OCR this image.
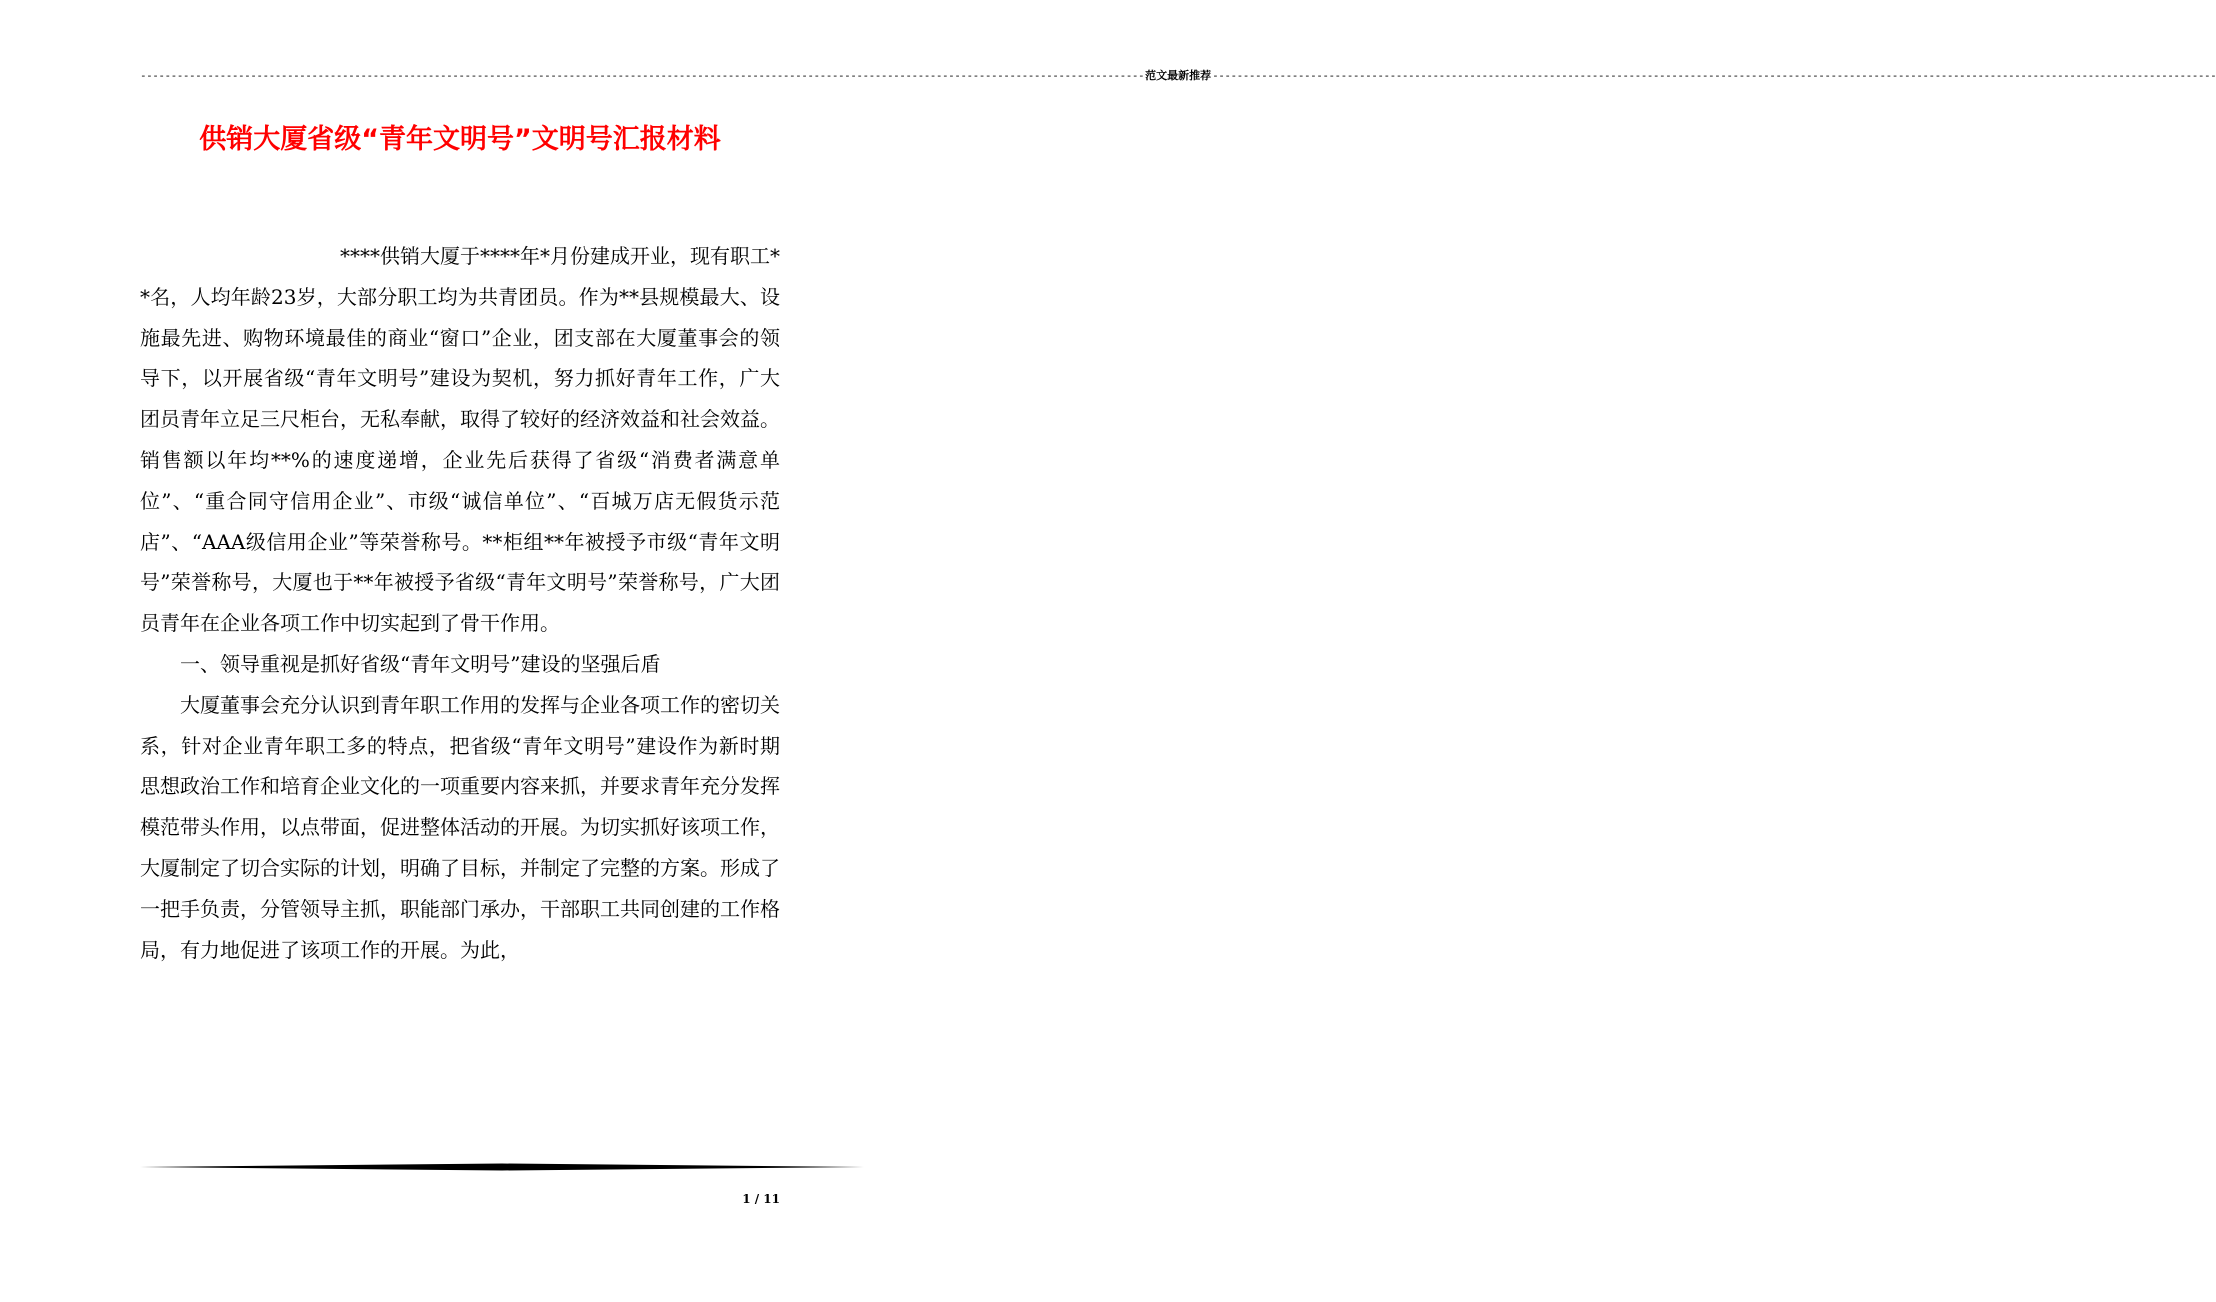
-------------------------------------------------------------------------------------------------------------------------------------------------------------------- 范文最新推荐 --------------------------------------------------------------------------------------------------------------------------------------------------------------------
供销大厦省级“青年文明号”文明号汇报材料

****供销大厦于****年*月份建成开业，现有职工**名，人均年龄23岁，大部分职工均为共青团员。作为**县规模最大、设施最先进、购物环境最佳的商业“窗口”企业，团支部在大厦董事会的领导下，以开展省级“青年文明号”建设为契机，努力抓好青年工作，广大团员青年立足三尺柜台，无私奉献，取得了较好的经济效益和社会效益。销售额以年均**%的速度递增，企业先后获得了省级“消费者满意单位”、“重合同守信用企业”、市级“诚信单位”、“百城万店无假货示范店”、“AAA级信用企业”等荣誉称号。**柜组**年被授予市级“青年文明号”荣誉称号，大厦也于**年被授予省级“青年文明号”荣誉称号，广大团员青年在企业各项工作中切实起到了骨干作用。

一、领导重视是抓好省级“青年文明号”建设的坚强后盾

大厦董事会充分认识到青年职工作用的发挥与企业各项工作的密切关系，针对企业青年职工多的特点，把省级“青年文明号”建设作为新时期思想政治工作和培育企业文化的一项重要内容来抓，并要求青年充分发挥模范带头作用，以点带面，促进整体活动的开展。为切实抓好该项工作，大厦制定了切合实际的计划，明确了目标，并制定了完整的方案。形成了一把手负责，分管领导主抓，职能部门承办，干部职工共同创建的工作格局，有力地促进了该项工作的开展。为此，

1 / 11
